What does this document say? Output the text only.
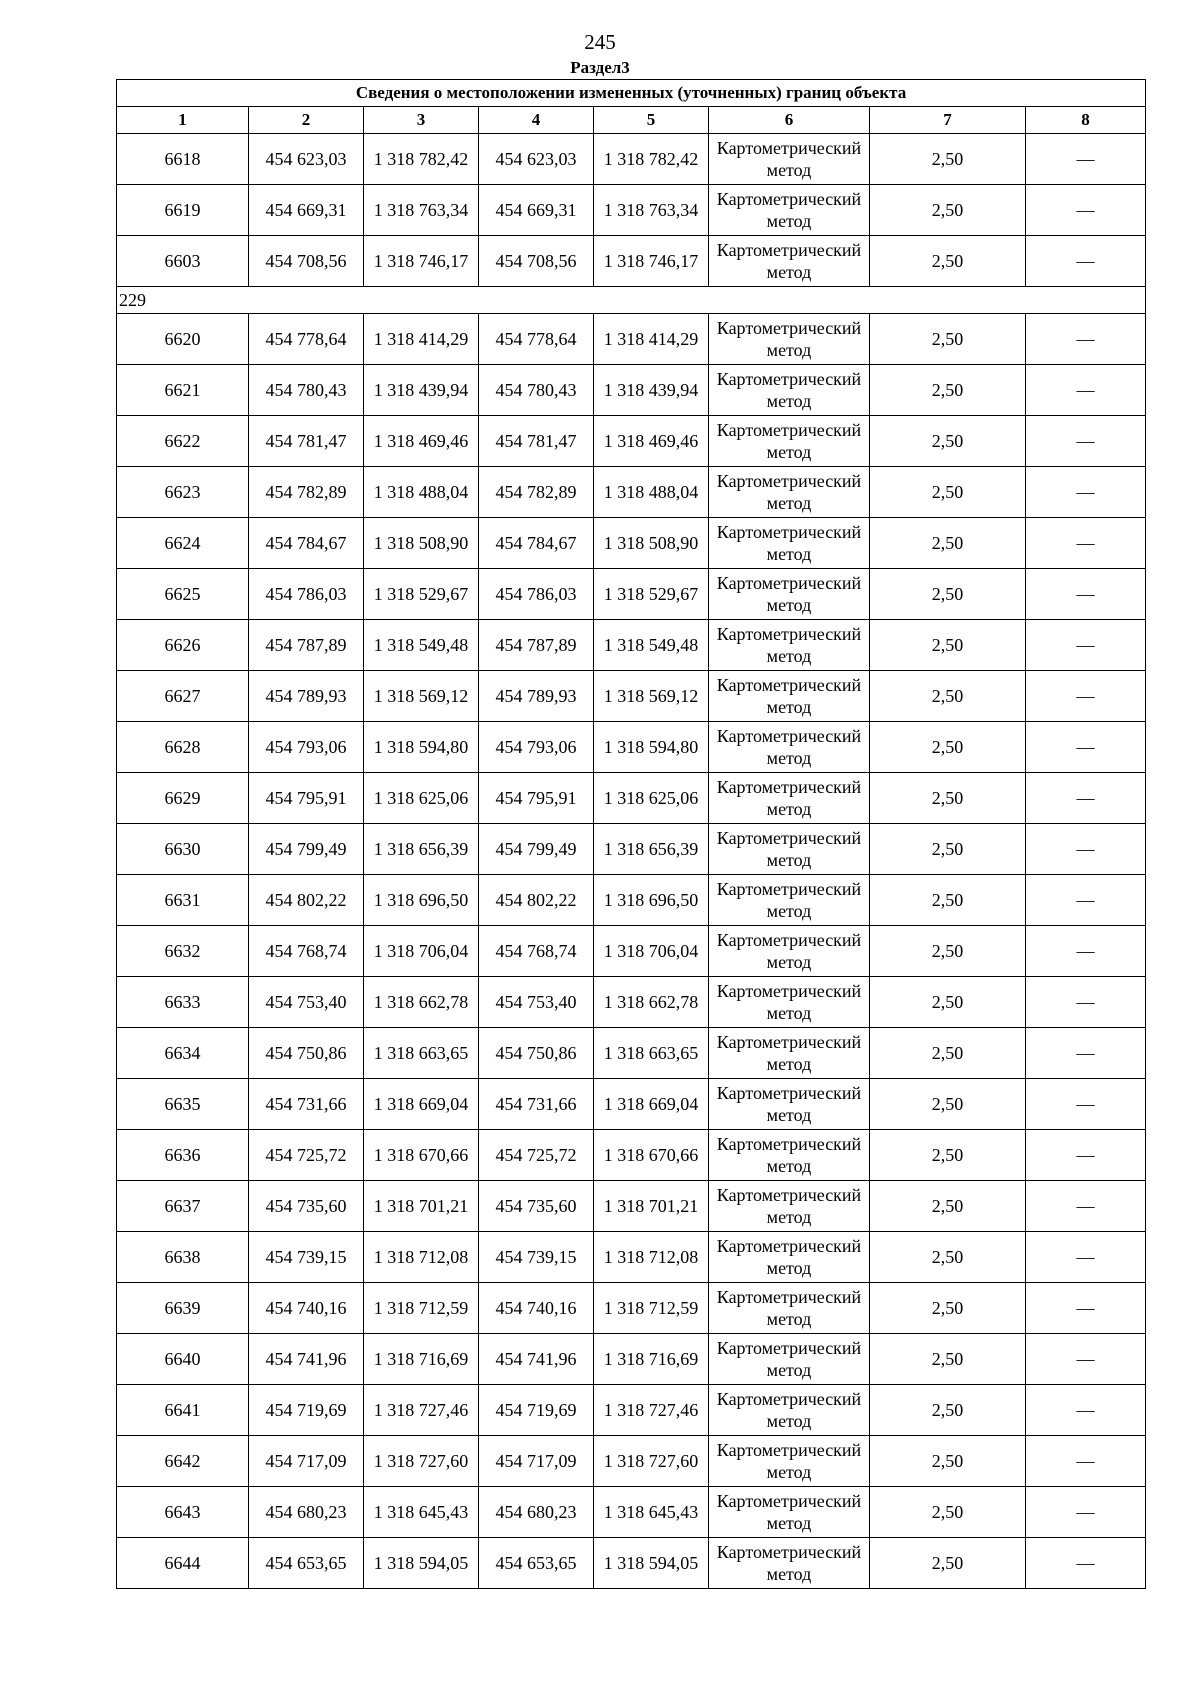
245
Раздел3
Сведения о местоположении измененных (уточненных) границ объекта							
1	2	3	4	5	6	7	8
6618	454 623,03	1 318 782,42	454 623,03	1 318 782,42	Картометрический метод	2,50	—
6619	454 669,31	1 318 763,34	454 669,31	1 318 763,34	Картометрический метод	2,50	—
6603	454 708,56	1 318 746,17	454 708,56	1 318 746,17	Картометрический метод	2,50	—
229							
6620	454 778,64	1 318 414,29	454 778,64	1 318 414,29	Картометрический метод	2,50	—
6621	454 780,43	1 318 439,94	454 780,43	1 318 439,94	Картометрический метод	2,50	—
6622	454 781,47	1 318 469,46	454 781,47	1 318 469,46	Картометрический метод	2,50	—
6623	454 782,89	1 318 488,04	454 782,89	1 318 488,04	Картометрический метод	2,50	—
6624	454 784,67	1 318 508,90	454 784,67	1 318 508,90	Картометрический метод	2,50	—
6625	454 786,03	1 318 529,67	454 786,03	1 318 529,67	Картометрический метод	2,50	—
6626	454 787,89	1 318 549,48	454 787,89	1 318 549,48	Картометрический метод	2,50	—
6627	454 789,93	1 318 569,12	454 789,93	1 318 569,12	Картометрический метод	2,50	—
6628	454 793,06	1 318 594,80	454 793,06	1 318 594,80	Картометрический метод	2,50	—
6629	454 795,91	1 318 625,06	454 795,91	1 318 625,06	Картометрический метод	2,50	—
6630	454 799,49	1 318 656,39	454 799,49	1 318 656,39	Картометрический метод	2,50	—
6631	454 802,22	1 318 696,50	454 802,22	1 318 696,50	Картометрический метод	2,50	—
6632	454 768,74	1 318 706,04	454 768,74	1 318 706,04	Картометрический метод	2,50	—
6633	454 753,40	1 318 662,78	454 753,40	1 318 662,78	Картометрический метод	2,50	—
6634	454 750,86	1 318 663,65	454 750,86	1 318 663,65	Картометрический метод	2,50	—
6635	454 731,66	1 318 669,04	454 731,66	1 318 669,04	Картометрический метод	2,50	—
6636	454 725,72	1 318 670,66	454 725,72	1 318 670,66	Картометрический метод	2,50	—
6637	454 735,60	1 318 701,21	454 735,60	1 318 701,21	Картометрический метод	2,50	—
6638	454 739,15	1 318 712,08	454 739,15	1 318 712,08	Картометрический метод	2,50	—
6639	454 740,16	1 318 712,59	454 740,16	1 318 712,59	Картометрический метод	2,50	—
6640	454 741,96	1 318 716,69	454 741,96	1 318 716,69	Картометрический метод	2,50	—
6641	454 719,69	1 318 727,46	454 719,69	1 318 727,46	Картометрический метод	2,50	—
6642	454 717,09	1 318 727,60	454 717,09	1 318 727,60	Картометрический метод	2,50	—
6643	454 680,23	1 318 645,43	454 680,23	1 318 645,43	Картометрический метод	2,50	—
6644	454 653,65	1 318 594,05	454 653,65	1 318 594,05	Картометрический метод	2,50	—
